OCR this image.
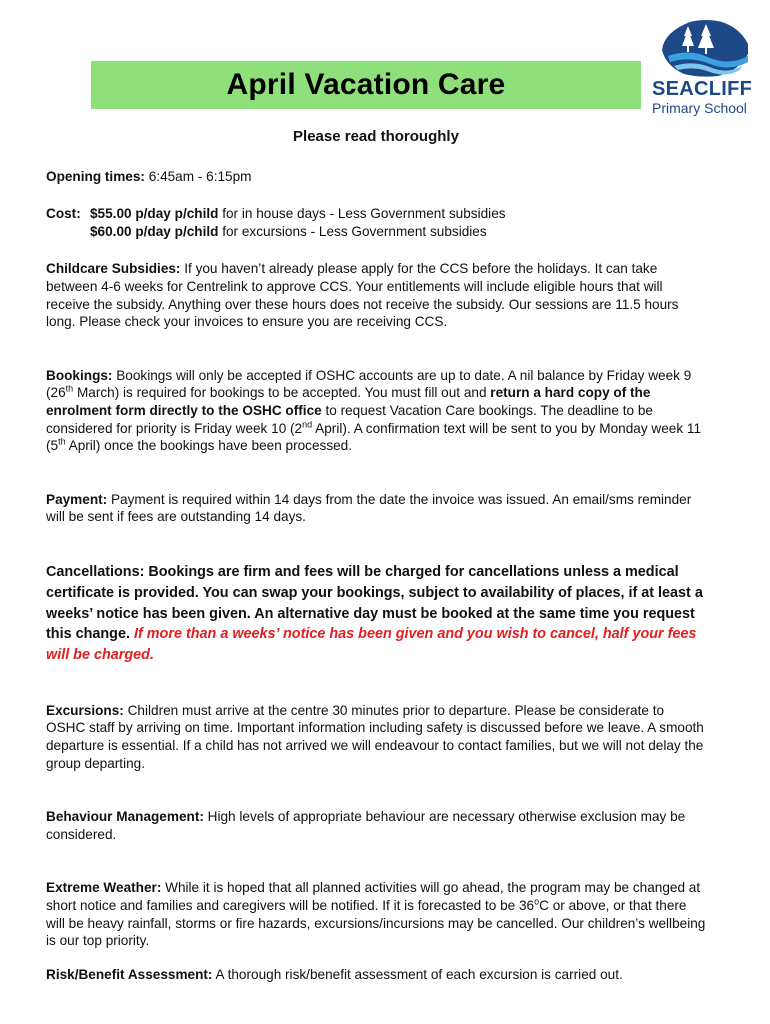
April Vacation Care	SEACLIFF
Primary School

Please read thoroughly

Opening times: 6:45am - 6:15pm

Cost: $55.00 p/day p/child for in house days - Less Government subsidies
$60.00 p/day p/child for excursions - Less Government subsidies

Childcare Subsidies: If you haven’t already please apply for the CCS before the holidays. It can take between 4-6 weeks for Centrelink to approve CCS. Your entitlements will include eligible hours that will receive the subsidy. Anything over these hours does not receive the subsidy. Our sessions are 11.5 hours long. Please check your invoices to ensure you are receiving CCS.

Bookings: Bookings will only be accepted if OSHC accounts are up to date. A nil balance by Friday week 9 (26th March) is required for bookings to be accepted. You must fill out and return a hard copy of the enrolment form directly to the OSHC office to request Vacation Care bookings. The deadline to be considered for priority is Friday week 10 (2nd April). A confirmation text will be sent to you by Monday week 11 (5th April) once the bookings have been processed.

Payment: Payment is required within 14 days from the date the invoice was issued. An email/sms reminder will be sent if fees are outstanding 14 days.

Cancellations: Bookings are firm and fees will be charged for cancellations unless a medical certificate is provided. You can swap your bookings, subject to availability of places, if at least a weeks’ notice has been given. An alternative day must be booked at the same time you request this change. If more than a weeks’ notice has been given and you wish to cancel, half your fees will be charged.

Excursions: Children must arrive at the centre 30 minutes prior to departure. Please be considerate to OSHC staff by arriving on time. Important information including safety is discussed before we leave. A smooth departure is essential. If a child has not arrived we will endeavour to contact families, but we will not delay the group departing.

Behaviour Management: High levels of appropriate behaviour are necessary otherwise exclusion may be considered.

Extreme Weather: While it is hoped that all planned activities will go ahead, the program may be changed at short notice and families and caregivers will be notified. If it is forecasted to be 36$^o$C or above, or that there will be heavy rainfall, storms or fire hazards, excursions/incursions may be cancelled. Our children’s wellbeing is our top priority.

Risk/Benefit Assessment: A thorough risk/benefit assessment of each excursion is carried out.
